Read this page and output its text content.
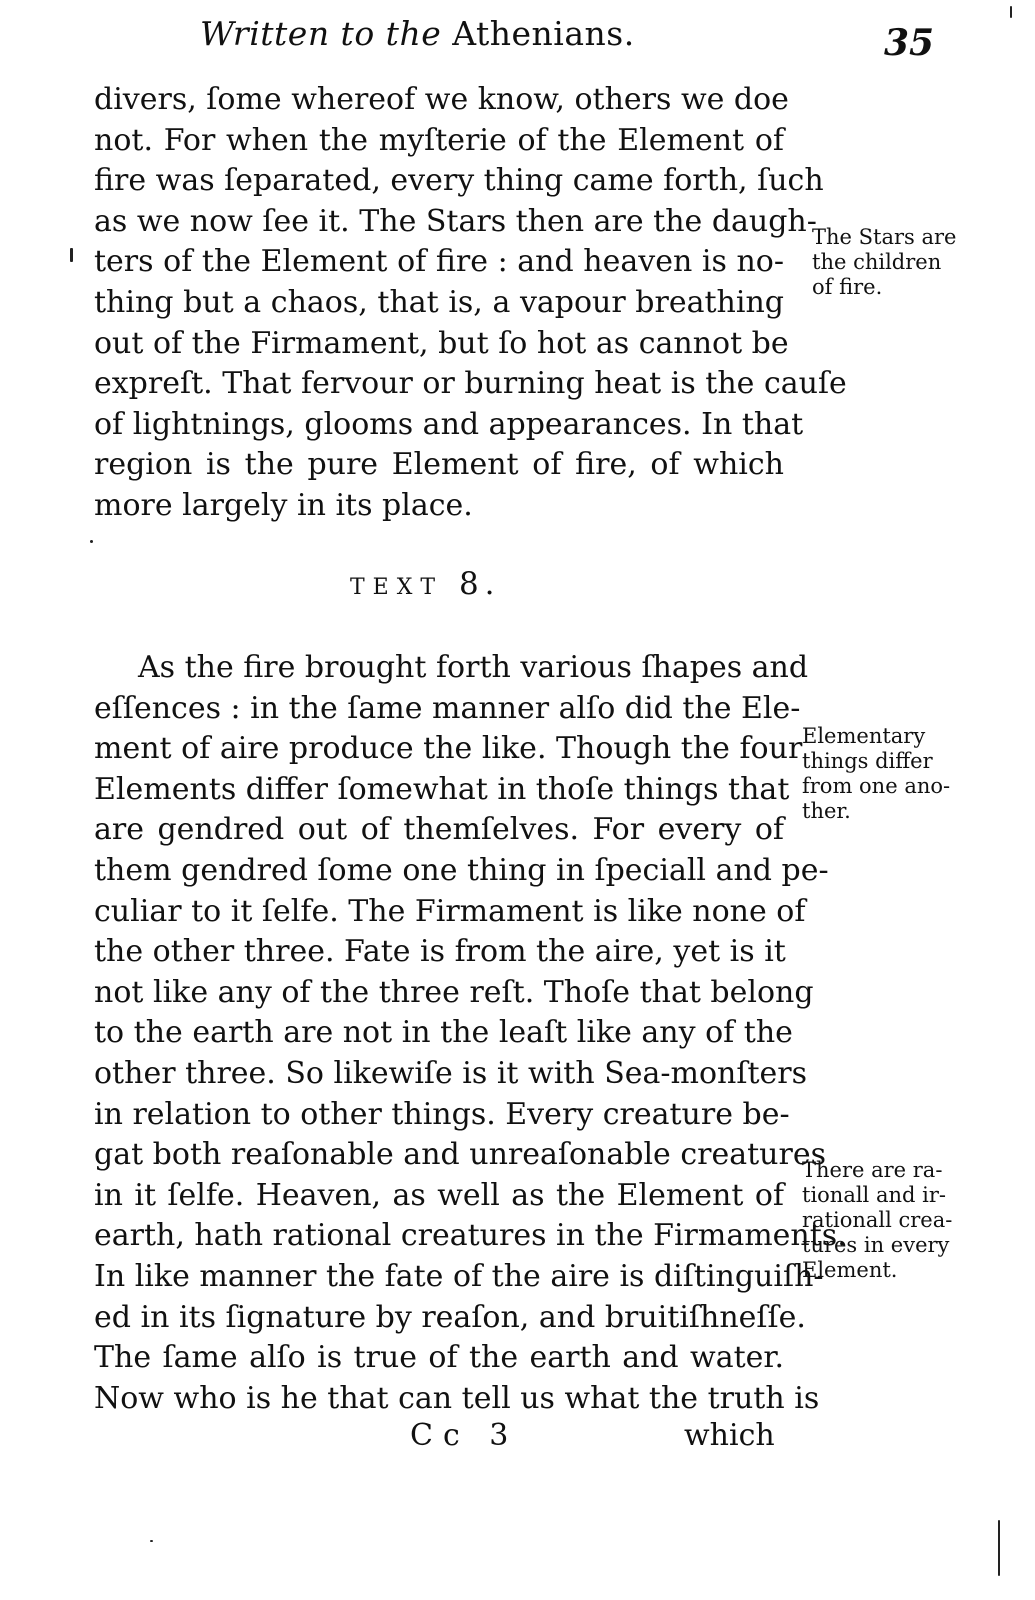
Written to the Athenians.	35
divers, ſome whereof we know, others we doe
not. For when the myſterie of the Element of
fire was ſeparated, every thing came forth, ſuch
as we now ſee it. The Stars then are the daugh-
ters of the Element of fire : and heaven is no-
thing but a chaos, that is, a vapour breathing
out of the Firmament, but ſo hot as cannot be
expreſt. That fervour or burning heat is the cauſe
of lightnings, glooms and appearances. In that
region is the pure Element of fire, of which
more largely in its place.
TEXT 8.
As the fire brought forth various ſhapes and
eſſences : in the ſame manner alſo did the Ele-
ment of aire produce the like. Though the four
Elements differ ſomewhat in thoſe things that
are gendred out of themſelves. For every of
them gendred ſome one thing in ſpeciall and pe-
culiar to it ſelfe. The Firmament is like none of
the other three. Fate is from the aire, yet is it
not like any of the three reſt. Thoſe that belong
to the earth are not in the leaſt like any of the
other three. So likewiſe is it with Sea-monſters
in relation to other things. Every creature be-
gat both reaſonable and unreaſonable creatures
in it ſelfe. Heaven, as well as the Element of
earth, hath rational creatures in the Firmaments.
In like manner the fate of the aire is diſtinguiſh-
ed in its ſignature by reaſon, and bruitiſhneſſe.
The ſame alſo is true of the earth and water.
Now who is he that can tell us what the truth is
The Stars are
the children
of fire.
Elementary
things differ
from one ano-
ther.
There are ra-
tionall and ir-
rationall crea-
tures in every
Element.
Cc 3	which
